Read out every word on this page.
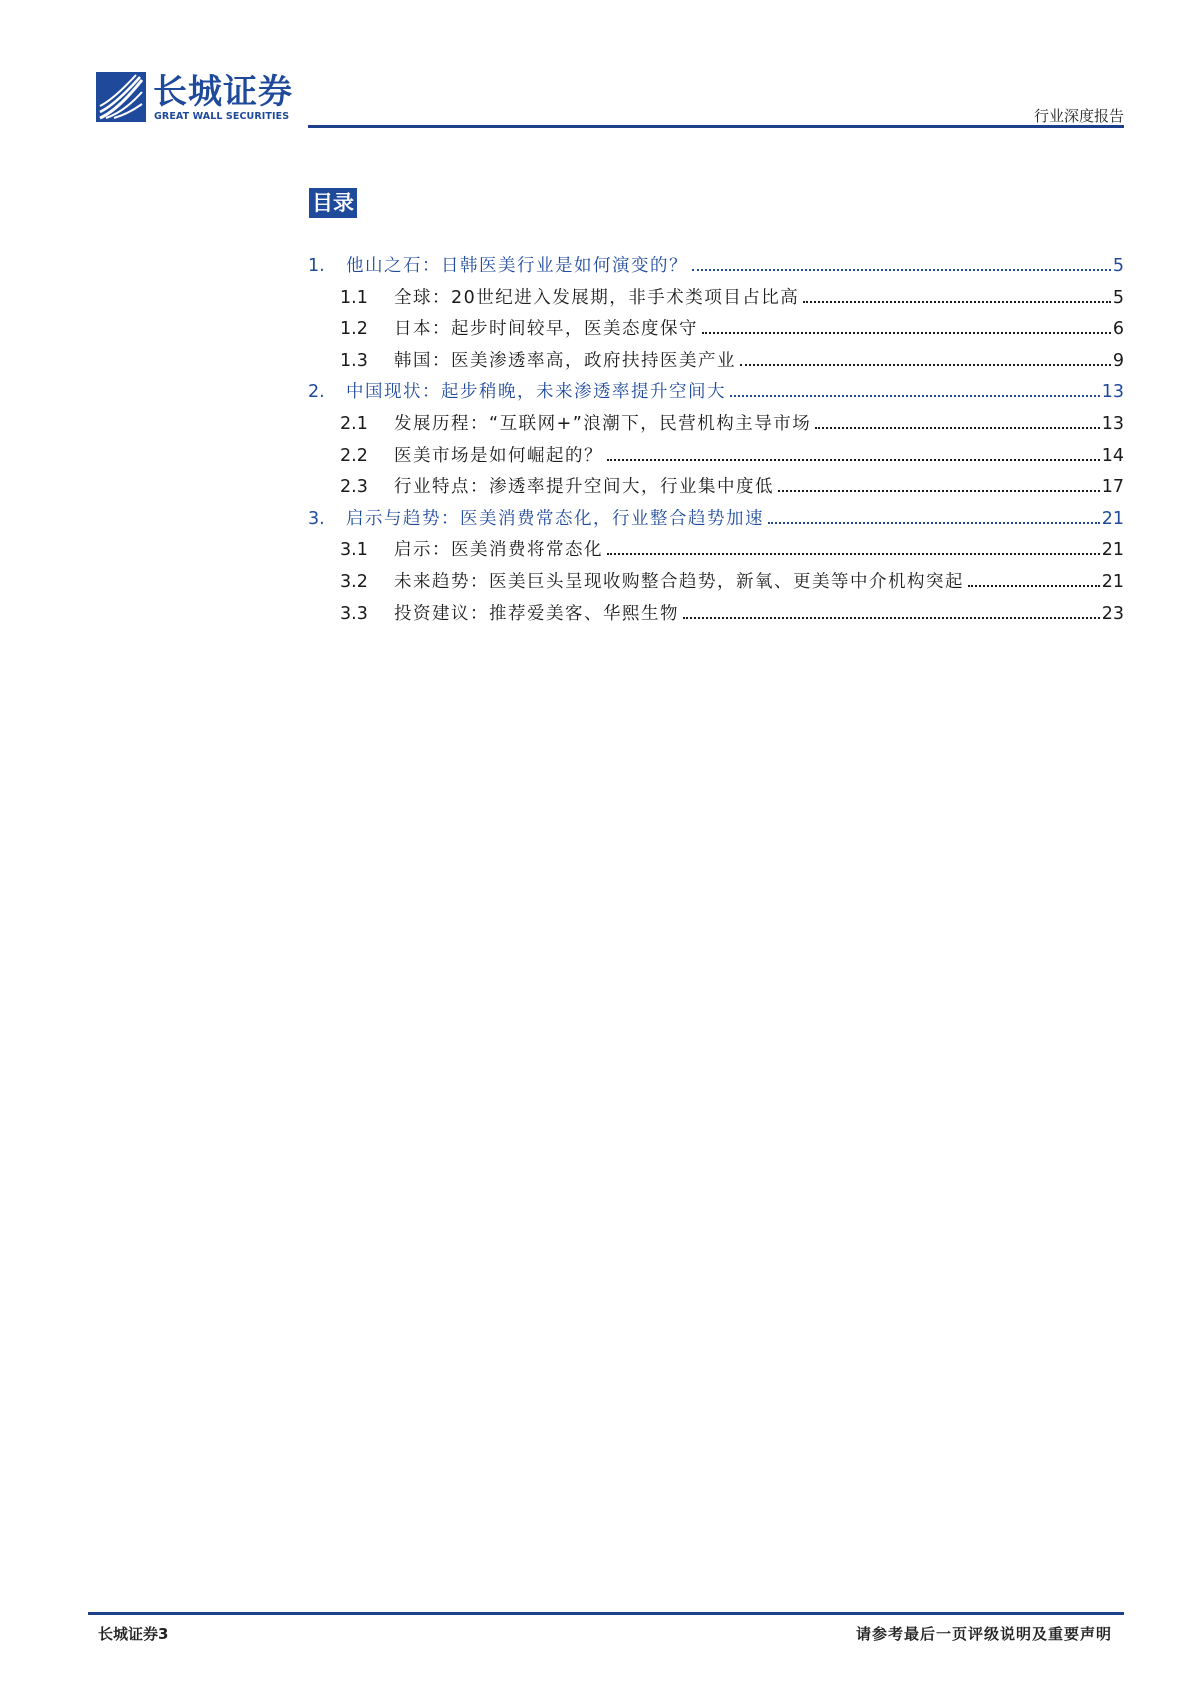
长城证券
GREAT WALL SECURITIES	行业深度报告
目录
1.	他山之石：日韩医美行业是如何演变的？	5
1.1	全球：20世纪进入发展期，非手术类项目占比高	5
1.2	日本：起步时间较早，医美态度保守	6
1.3	韩国：医美渗透率高，政府扶持医美产业	9
2.	中国现状：起步稍晚，未来渗透率提升空间大	13
2.1	发展历程：“互联网+”浪潮下，民营机构主导市场	13
2.2	医美市场是如何崛起的？	14
2.3	行业特点：渗透率提升空间大，行业集中度低	17
3.	启示与趋势：医美消费常态化，行业整合趋势加速	21
3.1	启示：医美消费将常态化	21
3.2	未来趋势：医美巨头呈现收购整合趋势，新氧、更美等中介机构突起	21
3.3	投资建议：推荐爱美客、华熙生物	23
长城证券3	请参考最后一页评级说明及重要声明
